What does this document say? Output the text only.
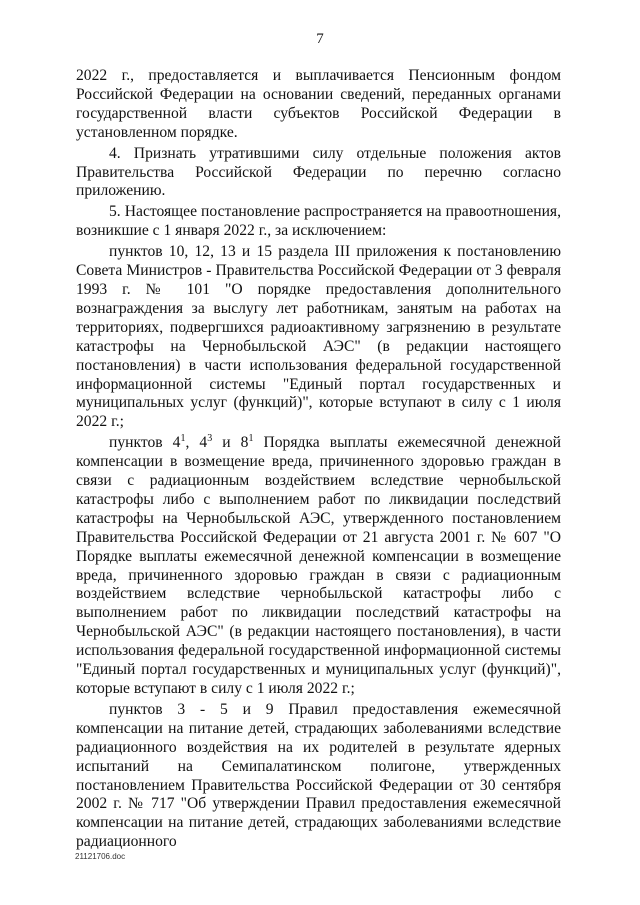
7

2022 г., предоставляется и выплачивается Пенсионным фондом Российской Федерации на основании сведений, переданных органами государственной власти субъектов Российской Федерации в установленном порядке.

4. Признать утратившими силу отдельные положения актов Правительства Российской Федерации по перечню согласно приложению.

5. Настоящее постановление распространяется на правоотношения, возникшие с 1 января 2022 г., за исключением:

пунктов 10, 12, 13 и 15 раздела III приложения к постановлению Совета Министров - Правительства Российской Федерации от 3 февраля 1993 г. № 101 "О порядке предоставления дополнительного вознаграждения за выслугу лет работникам, занятым на работах на территориях, подвергшихся радиоактивному загрязнению в результате катастрофы на Чернобыльской АЭС" (в редакции настоящего постановления) в части использования федеральной государственной информационной системы "Единый портал государственных и муниципальных услуг (функций)", которые вступают в силу с 1 июля 2022 г.;

пунктов $4^1$, $4^3$ и $8^1$ Порядка выплаты ежемесячной денежной компенсации в возмещение вреда, причиненного здоровью граждан в связи с радиационным воздействием вследствие чернобыльской катастрофы либо с выполнением работ по ликвидации последствий катастрофы на Чернобыльской АЭС, утвержденного постановлением Правительства Российской Федерации от 21 августа 2001 г. № 607 "О Порядке выплаты ежемесячной денежной компенсации в возмещение вреда, причиненного здоровью граждан в связи с радиационным воздействием вследствие чернобыльской катастрофы либо с выполнением работ по ликвидации последствий катастрофы на Чернобыльской АЭС" (в редакции настоящего постановления), в части использования федеральной государственной информационной системы "Единый портал государственных и муниципальных услуг (функций)", которые вступают в силу с 1 июля 2022 г.;

пунктов 3 - 5 и 9 Правил предоставления ежемесячной компенсации на питание детей, страдающих заболеваниями вследствие радиационного воздействия на их родителей в результате ядерных испытаний на Семипалатинском полигоне, утвержденных постановлением Правительства Российской Федерации от 30 сентября 2002 г. № 717 "Об утверждении Правил предоставления ежемесячной компенсации на питание детей, страдающих заболеваниями вследствие радиационного

21121706.doc
